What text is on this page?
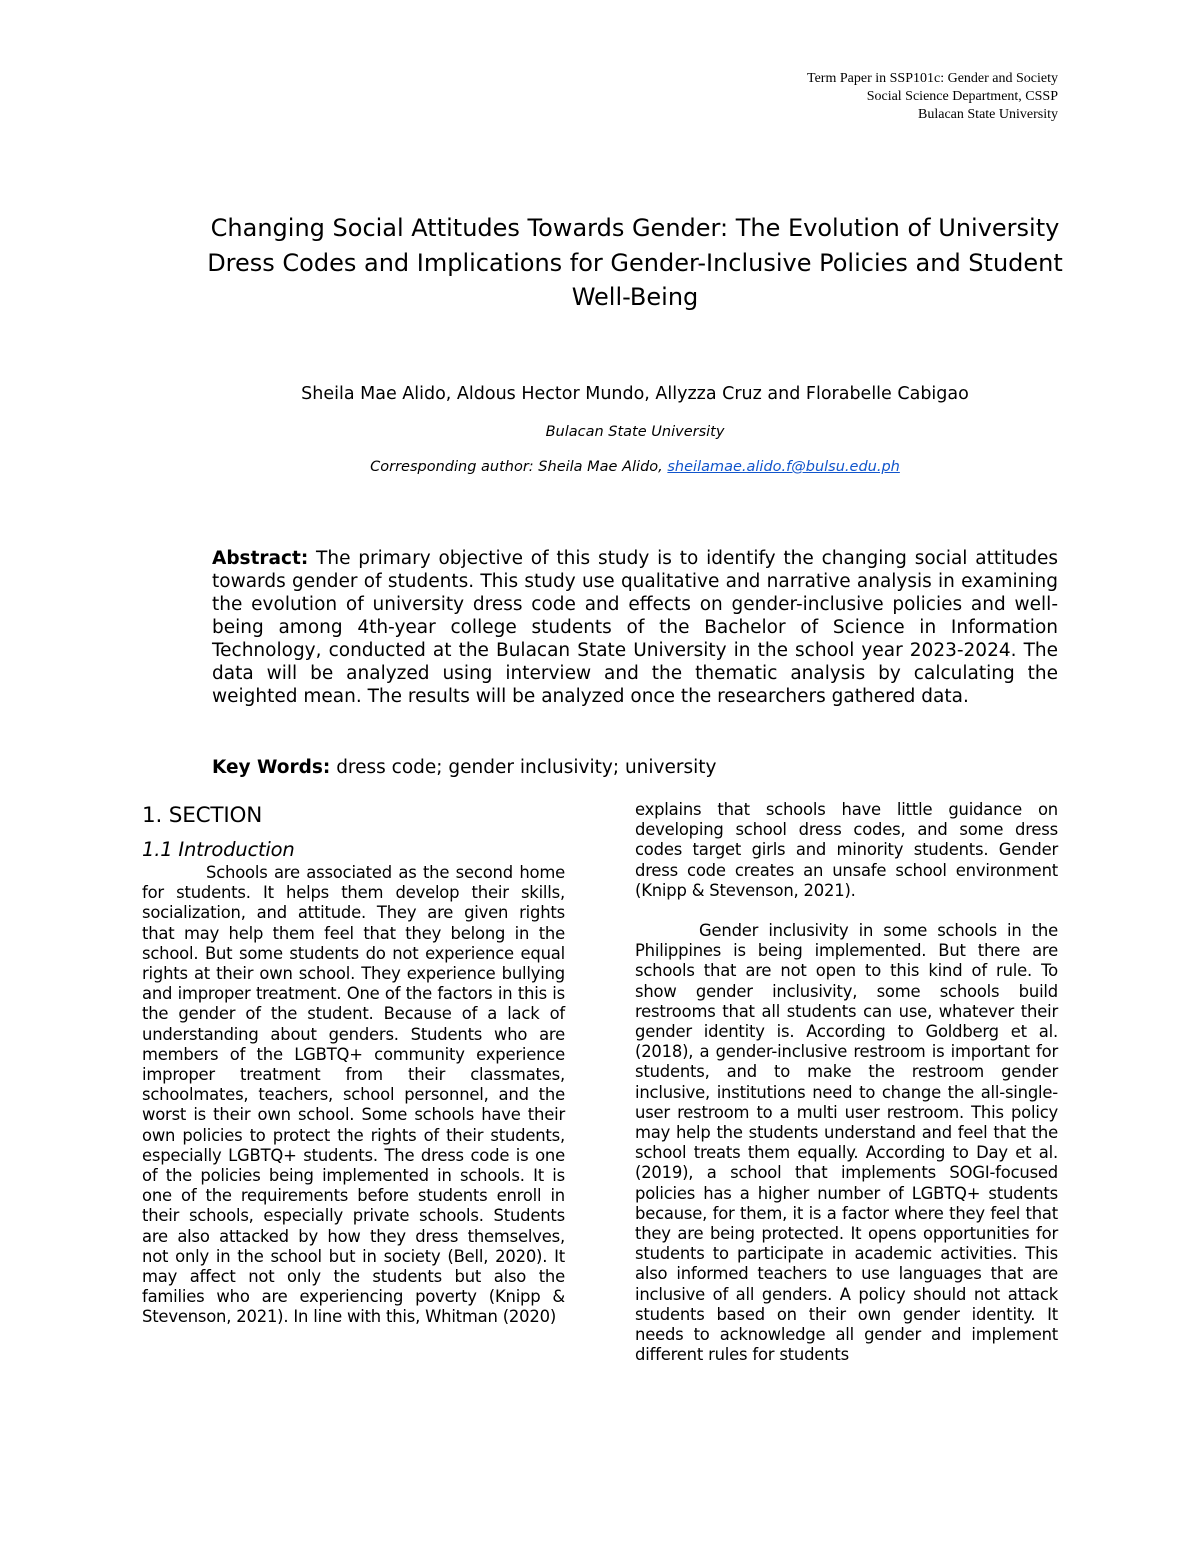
Term Paper in SSP101c: Gender and Society
Social Science Department, CSSP
Bulacan State University
Changing Social Attitudes Towards Gender: The Evolution of University Dress Codes and Implications for Gender-Inclusive Policies and Student Well-Being
Sheila Mae Alido, Aldous Hector Mundo, Allyzza Cruz and Florabelle Cabigao
Bulacan State University
Corresponding author: Sheila Mae Alido, sheilamae.alido.f@bulsu.edu.ph

Abstract: The primary objective of this study is to identify the changing social attitudes towards gender of students. This study use qualitative and narrative analysis in examining the evolution of university dress code and effects on gender-inclusive policies and well-being among 4th-year college students of the Bachelor of Science in Information Technology, conducted at the Bulacan State University in the school year 2023-2024. The data will be analyzed using interview and the thematic analysis by calculating the weighted mean. The results will be analyzed once the researchers gathered data.

Key Words: dress code; gender inclusivity; university

1. SECTION
1.1 Introduction

Schools are associated as the second home for students. It helps them develop their skills, socialization, and attitude. They are given rights that may help them feel that they belong in the school. But some students do not experience equal rights at their own school. They experience bullying and improper treatment. One of the factors in this is the gender of the student. Because of a lack of understanding about genders. Students who are members of the LGBTQ+ community experience improper treatment from their classmates, schoolmates, teachers, school personnel, and the worst is their own school. Some schools have their own policies to protect the rights of their students, especially LGBTQ+ students. The dress code is one of the policies being implemented in schools. It is one of the requirements before students enroll in their schools, especially private schools. Students are also attacked by how they dress themselves, not only in the school but in society (Bell, 2020). It may affect not only the students but also the families who are experiencing poverty (Knipp & Stevenson, 2021). In line with this, Whitman (2020)

explains that schools have little guidance on developing school dress codes, and some dress codes target girls and minority students. Gender dress code creates an unsafe school environment (Knipp & Stevenson, 2021).

Gender inclusivity in some schools in the Philippines is being implemented. But there are schools that are not open to this kind of rule. To show gender inclusivity, some schools build restrooms that all students can use, whatever their gender identity is. According to Goldberg et al. (2018), a gender-inclusive restroom is important for students, and to make the restroom gender inclusive, institutions need to change the all-single-user restroom to a multi user restroom. This policy may help the students understand and feel that the school treats them equally. According to Day et al. (2019), a school that implements SOGI-focused policies has a higher number of LGBTQ+ students because, for them, it is a factor where they feel that they are being protected. It opens opportunities for students to participate in academic activities. This also informed teachers to use languages that are inclusive of all genders. A policy should not attack students based on their own gender identity. It needs to acknowledge all gender and implement different rules for students
